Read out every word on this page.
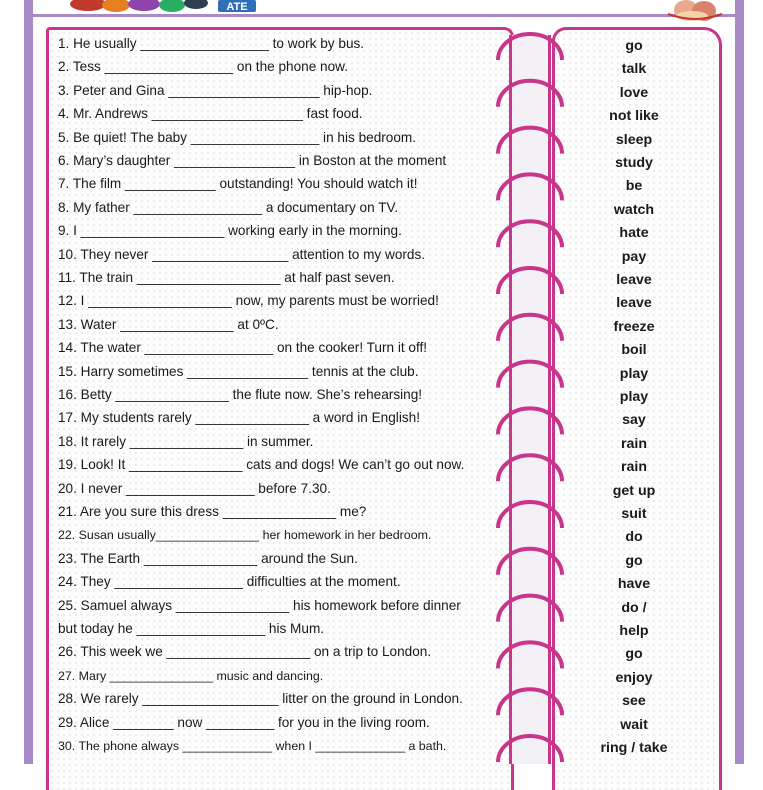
ATE
1. He usually _________________ to work by bus.
2. Tess _________________ on the phone now.
3. Peter and Gina ____________________ hip-hop.
4. Mr. Andrews ____________________ fast food.
5. Be quiet! The baby _________________ in his bedroom.
6. Mary’s daughter ________________ in Boston at the moment
7. The film ____________ outstanding! You should watch it!
8. My father _________________ a documentary on TV.
9. I ___________________ working early in the morning.
10. They never __________________ attention to my words.
11. The train ___________________ at half past seven.
12. I ___________________ now, my parents must be worried!
13. Water _______________ at 0ºC.
14. The water _________________ on the cooker! Turn it off!
15. Harry sometimes ________________ tennis at the club.
16. Betty _______________ the flute now. She’s rehearsing!
17. My students rarely _______________ a word in English!
18. It rarely _______________ in summer.
19. Look! It _______________ cats and dogs! We can’t go out now.
20. I never _________________ before 7.30.
21. Are you sure this dress _______________ me?
22. Susan usually_______________ her homework in her bedroom.
23. The Earth _______________ around the Sun.
24. They _________________ difficulties at the moment.
25. Samuel always _______________ his homework before dinner
but today he _________________ his Mum.
26. This week we ___________________ on a trip to London.
27. Mary _______________ music and dancing.
28. We rarely __________________ litter on the ground in London.
29. Alice ________ now _________ for you in the living room.
30. The phone always _____________ when I _____________ a bath.
go
talk
love
not like
sleep
study
be
watch
hate
pay
leave
leave
freeze
boil
play
play
say
rain
rain
get up
suit
do
go
have
do /
help
go
enjoy
see
wait
ring / take
